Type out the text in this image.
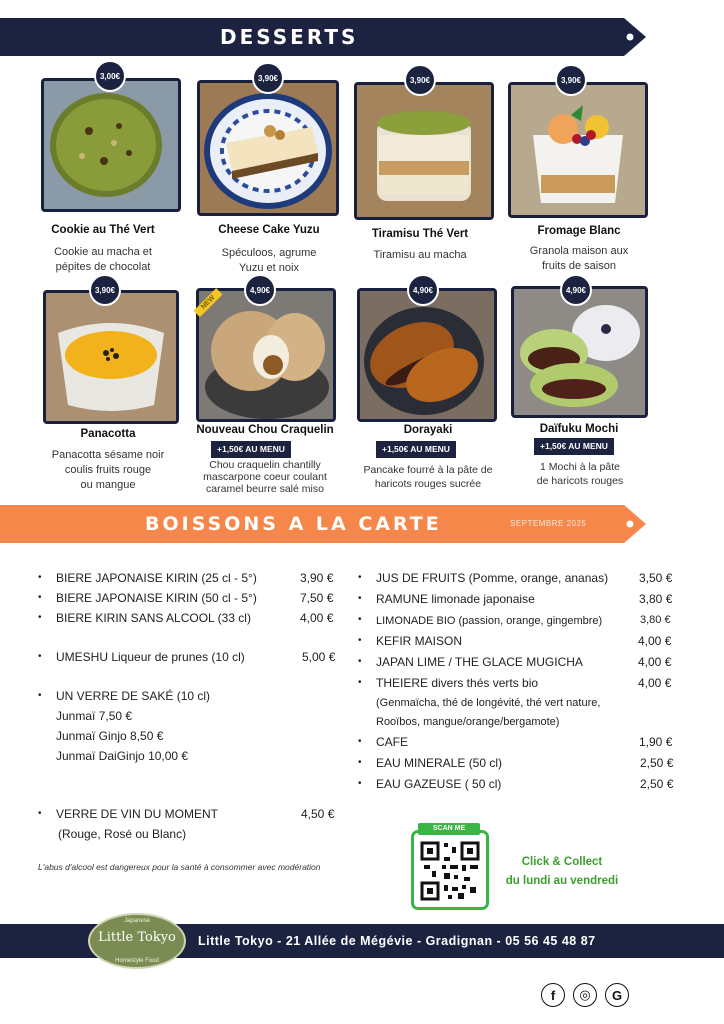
DESSERTS
3,00€
Cookie au Thé Vert
Cookie au macha et
pépites de chocolat
3,90€
Cheese Cake Yuzu
Spéculoos, agrume
Yuzu et noix
3,90€
Tiramisu Thé Vert
Tiramisu au macha
3,90€
Fromage Blanc
Granola maison aux
fruits de saison
3,90€
Panacotta
Panacotta sésame noir
coulis fruits rouge
ou mangue
NEW
4,90€
Nouveau Chou Craquelin
+1,50€ AU MENU
Chou craquelin chantilly
mascarpone coeur coulant
caramel beurre salé miso
4,90€
Dorayaki
+1,50€ AU MENU
Pancake fourré à la pâte de
haricots rouges sucrée
4,90€
Daïfuku Mochi
+1,50€ AU MENU
1 Mochi à la pâte
de haricots rouges
BOISSONS A LA CARTE	SEPTEMBRE 2025
• BIERE JAPONAISE KIRIN (25 cl - 5°)	3,90 €
• BIERE JAPONAISE KIRIN (50 cl - 5°)	7,50 €
• BIERE KIRIN SANS ALCOOL (33 cl)	4,00 €
• UMESHU Liqueur de prunes (10 cl)	5,00 €
• UN VERRE DE SAKÉ (10 cl)
Junmaï 7,50 €
Junmaï Ginjo 8,50 €
Junmaï DaiGinjo 10,00 €
• VERRE DE VIN DU MOMENT	4,50 €
(Rouge, Rosé ou Blanc)
• JUS DE FRUITS (Pomme, orange, ananas)	3,50 €
• RAMUNE limonade japonaise	3,80 €
• LIMONADE BIO (passion, orange, gingembre)	3,80 €
• KEFIR MAISON	4,00 €
• JAPAN LIME / THE GLACE MUGICHA	4,00 €
• THEIERE divers thés verts bio	4,00 €
(Genmaïcha, thé de longévité, thé vert nature,
Rooïbos, mangue/orange/bergamote)
• CAFE	1,90 €
• EAU MINERALE (50 cl)	2,50 €
• EAU GAZEUSE ( 50 cl)	2,50 €
L'abus d'alcool est dangereux pour la santé à consommer avec modération
SCAN ME
Click & Collect
du lundi au vendredi
Little Tokyo - 21 Allée de Mégévie - Gradignan - 05 56 45 48 87
Japanese
Little Tokyo
Homestyle Food
f	◎	G
